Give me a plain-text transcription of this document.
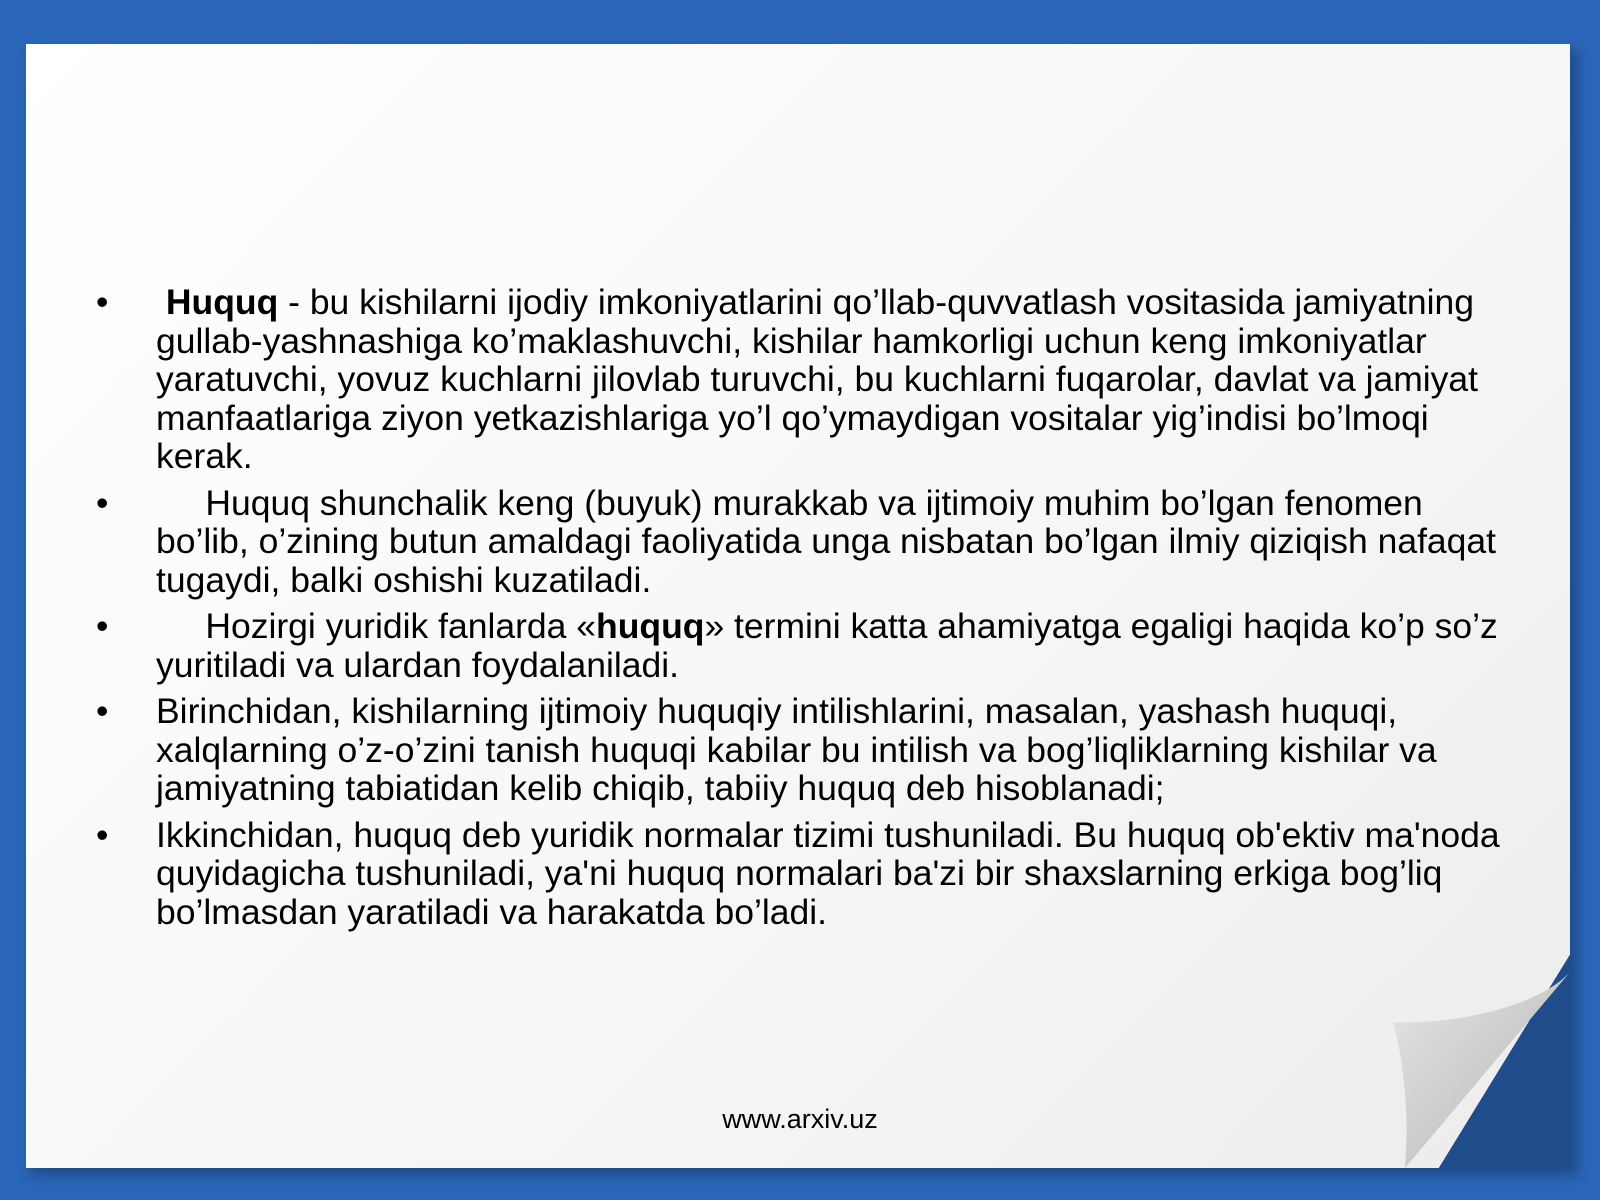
• Huquq - bu kishilarni ijodiy imkoniyatlarini qo’llab-quvvatlash vositasida jamiyatning gullab-yashnashiga ko’maklashuvchi, kishilar hamkorligi uchun keng imkoniyatlar yaratuvchi, yovuz kuchlarni jilovlab turuvchi, bu kuchlarni fuqarolar, davlat va jamiyat manfaatlariga ziyon yetkazishlariga yo’l qo’ymaydigan vositalar yig’indisi bo’lmoqi kerak.
• Huquq shunchalik keng (buyuk) murakkab va ijtimoiy muhim bo’lgan fenomen bo’lib, o’zining butun amaldagi faoliyatida unga nisbatan bo’lgan ilmiy qiziqish nafaqat tugaydi, balki oshishi kuzatiladi.
• Hozirgi yuridik fanlarda «huquq» termini katta ahamiyatga egaligi haqida ko’p so’z yuritiladi va ulardan foydalaniladi.
• Birinchidan, kishilarning ijtimoiy huquqiy intilishlarini, masalan, yashash huquqi, xalqlarning o’z-o’zini tanish huquqi kabilar bu intilish va bog’liqliklarning kishilar va jamiyatning tabiatidan kelib chiqib, tabiiy huquq deb hisoblanadi;
• Ikkinchidan, huquq deb yuridik normalar tizimi tushuniladi. Bu huquq ob'ektiv ma'noda quyidagicha tushuniladi, ya'ni huquq normalari ba'zi bir shaxslarning erkiga bog’liq bo’lmasdan yaratiladi va harakatda bo’ladi.
www.arxiv.uz
